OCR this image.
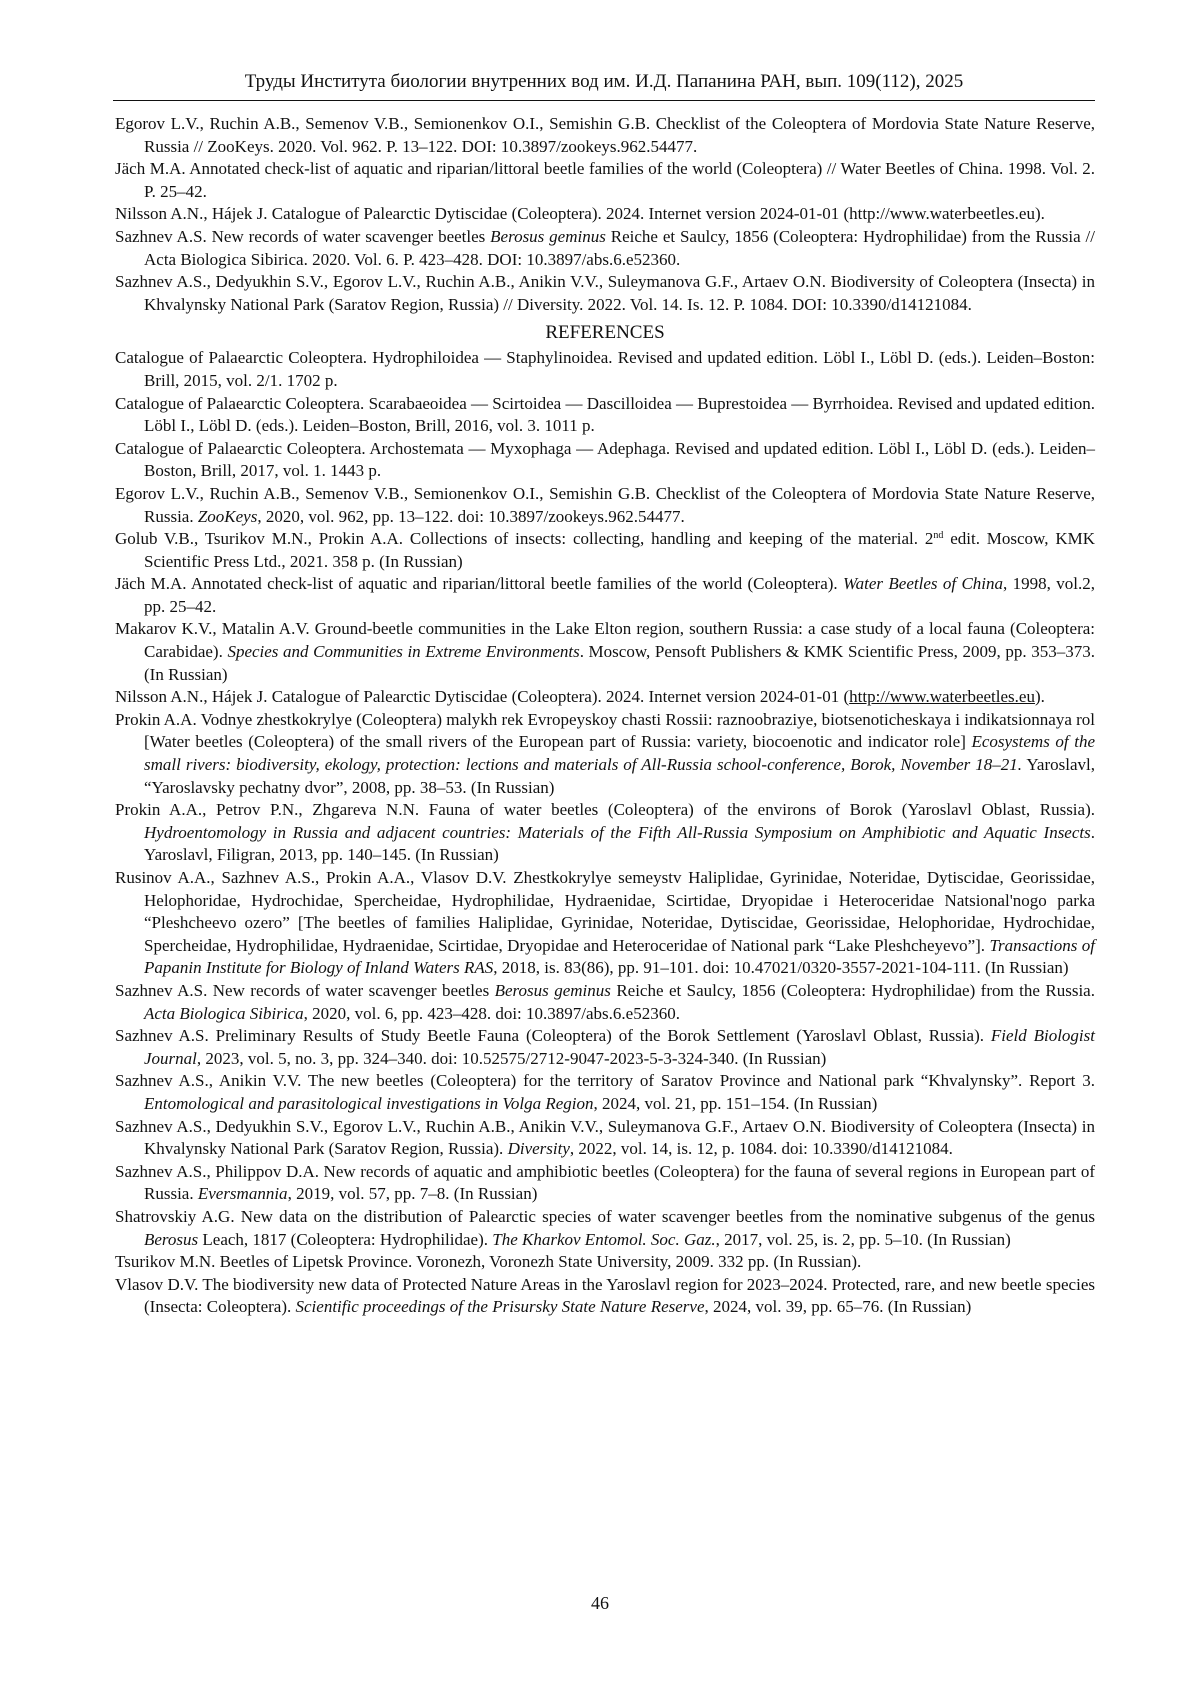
Труды Института биологии внутренних вод им. И.Д. Папанина РАН, вып. 109(112), 2025

Egorov L.V., Ruchin A.B., Semenov V.B., Semionenkov O.I., Semishin G.B. Checklist of the Coleoptera of Mordovia State Nature Reserve, Russia // ZooKeys. 2020. Vol. 962. P. 13–122. DOI: 10.3897/zookeys.962.54477.

Jäch M.A. Annotated check-list of aquatic and riparian/littoral beetle families of the world (Coleoptera) // Water Beetles of China. 1998. Vol. 2. P. 25–42.

Nilsson A.N., Hájek J. Catalogue of Palearctic Dytiscidae (Coleoptera). 2024. Internet version 2024-01-01 (http://www.waterbeetles.eu).

Sazhnev A.S. New records of water scavenger beetles Berosus geminus Reiche et Saulcy, 1856 (Coleoptera: Hydrophilidae) from the Russia // Acta Biologica Sibirica. 2020. Vol. 6. P. 423–428. DOI: 10.3897/abs.6.e52360.

Sazhnev A.S., Dedyukhin S.V., Egorov L.V., Ruchin A.B., Anikin V.V., Suleymanova G.F., Artaev O.N. Biodiversity of Coleoptera (Insecta) in Khvalynsky National Park (Saratov Region, Russia) // Diversity. 2022. Vol. 14. Is. 12. P. 1084. DOI: 10.3390/d14121084.

REFERENCES

Catalogue of Palaearctic Coleoptera. Hydrophiloidea — Staphylinoidea. Revised and updated edition. Löbl I., Löbl D. (eds.). Leiden–Boston: Brill, 2015, vol. 2/1. 1702 p.

Catalogue of Palaearctic Coleoptera. Scarabaeoidea — Scirtoidea — Dascilloidea — Buprestoidea — Byrrhoidea. Revised and updated edition. Löbl I., Löbl D. (eds.). Leiden–Boston, Brill, 2016, vol. 3. 1011 p.

Catalogue of Palaearctic Coleoptera. Archostemata — Myxophaga — Adephaga. Revised and updated edition. Löbl I., Löbl D. (eds.). Leiden–Boston, Brill, 2017, vol. 1. 1443 p.

Egorov L.V., Ruchin A.B., Semenov V.B., Semionenkov O.I., Semishin G.B. Checklist of the Coleoptera of Mordovia State Nature Reserve, Russia. ZooKeys, 2020, vol. 962, pp. 13–122. doi: 10.3897/zookeys.962.54477.

Golub V.B., Tsurikov M.N., Prokin A.A. Collections of insects: collecting, handling and keeping of the material. 2nd edit. Moscow, KMK Scientific Press Ltd., 2021. 358 p. (In Russian)

Jäch M.A. Annotated check-list of aquatic and riparian/littoral beetle families of the world (Coleoptera). Water Beetles of China, 1998, vol.2, pp. 25–42.

Makarov K.V., Matalin A.V. Ground-beetle communities in the Lake Elton region, southern Russia: a case study of a local fauna (Coleoptera: Carabidae). Species and Communities in Extreme Environments. Moscow, Pensoft Publishers & KMK Scientific Press, 2009, pp. 353–373. (In Russian)

Nilsson A.N., Hájek J. Catalogue of Palearctic Dytiscidae (Coleoptera). 2024. Internet version 2024-01-01 (http://www.waterbeetles.eu).

Prokin A.A. Vodnye zhestkokrylye (Coleoptera) malykh rek Evropeyskoy chasti Rossii: raznoobraziye, biotsenotich­eskaya i indikatsionnaya rol [Water beetles (Coleoptera) of the small rivers of the European part of Russia: variety, biocoenotic and indicator role] Ecosystems of the small rivers: biodiversity, ekology, protection: lections and materi­als of All-Russia school-conference, Borok, November 18–21. Yaroslavl, “Yaroslavsky pechatny dvor”, 2008, pp. 38–53. (In Russian)

Prokin A.A., Petrov P.N., Zhgareva N.N. Fauna of water beetles (Coleoptera) of the environs of Borok (Yaroslavl Oblast, Russia). Hydroentomology in Russia and adjacent countries: Materials of the Fifth All-Russia Symposium on Amphi­biotic and Aquatic Insects. Yaroslavl, Filigran, 2013, pp. 140–145. (In Russian)

Rusinov A.A., Sazhnev A.S., Prokin A.A., Vlasov D.V. Zhestkokrylye semeystv Haliplidae, Gyrinidae, Noteridae, Dy­tiscidae, Georissidae, Helophoridae, Hydrochidae, Spercheidae, Hydrophilidae, Hydraenidae, Scirtidae, Dryopidae i Heteroceridae Natsional'nogo parka “Pleshcheevo ozero” [The beetles of families Haliplidae, Gyrinidae, Noteridae, Dytiscidae, Georissidae, Helophoridae, Hydrochidae, Spercheidae, Hydrophilidae, Hydraenidae, Scirtidae, Dryopi­dae and Heteroceridae of National park “Lake Pleshcheyevo”]. Transactions of Papanin Institute for Biology of In­land Waters RAS, 2018, is. 83(86), pp. 91–101. doi: 10.47021/0320-3557-2021-104-111. (In Russian)

Sazhnev A.S. New records of water scavenger beetles Berosus geminus Reiche et Saulcy, 1856 (Coleoptera: Hydrophi­lidae) from the Russia. Acta Biologica Sibirica, 2020, vol. 6, pp. 423–428. doi: 10.3897/abs.6.e52360.

Sazhnev A.S. Preliminary Results of Study Beetle Fauna (Coleoptera) of the Borok Settlement (Yaroslavl Oblast, Russia). Field Biologist Journal, 2023, vol. 5, no. 3, pp. 324–340. doi: 10.52575/2712-9047-2023-5-3-324-340. (In Russian)

Sazhnev A.S., Anikin V.V. The new beetles (Coleoptera) for the territory of Saratov Province and National park “Khvalynsky”. Report 3. Entomological and parasitological investigations in Volga Region, 2024, vol. 21, pp. 151–154. (In Russian)

Sazhnev A.S., Dedyukhin S.V., Egorov L.V., Ruchin A.B., Anikin V.V., Suleymanova G.F., Artaev O.N. Biodiversity of Coleoptera (Insecta) in Khvalynsky National Park (Saratov Region, Russia). Diversity, 2022, vol. 14, is. 12, p. 1084. doi: 10.3390/d14121084.

Sazhnev A.S., Philippov D.A. New records of aquatic and amphibiotic beetles (Coleoptera) for the fauna of several re­gions in European part of Russia. Eversmannia, 2019, vol. 57, pp. 7–8. (In Russian)

Shatrovskiy A.G. New data on the distribution of Palearctic species of water scavenger beetles from the nominative subgenus of the genus Berosus Leach, 1817 (Coleoptera: Hydrophilidae). The Kharkov Entomol. Soc. Gaz., 2017, vol. 25, is. 2, pp. 5–10. (In Russian)

Tsurikov M.N. Beetles of Lipetsk Province. Voronezh, Voronezh State University, 2009. 332 pp. (In Russian).

Vlasov D.V. The biodiversity new data of Protected Nature Areas in the Yaroslavl region for 2023–2024. Protected, rare, and new beetle species (Insecta: Coleoptera). Scientific proceedings of the Prisursky State Nature Reserve, 2024, vol. 39, pp. 65–76. (In Russian)

46
